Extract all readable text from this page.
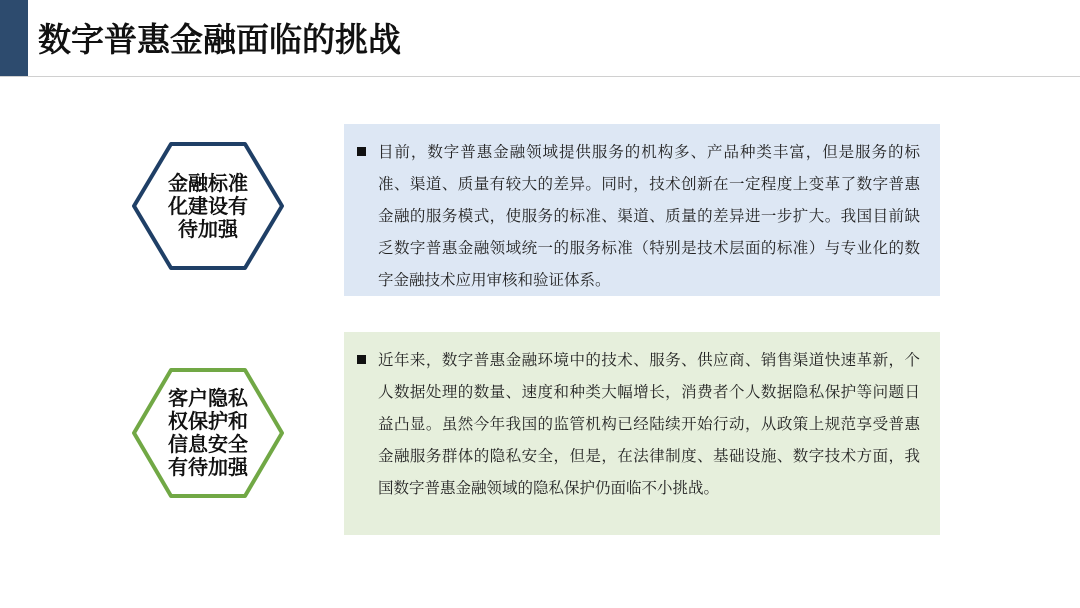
数字普惠金融面临的挑战
金融标准化建设有待加强
目前，数字普惠金融领域提供服务的机构多、产品种类丰富，但是服务的标准、渠道、质量有较大的差异。同时，技术创新在一定程度上变革了数字普惠金融的服务模式，使服务的标准、渠道、质量的差异进一步扩大。我国目前缺乏数字普惠金融领域统一的服务标准（特别是技术层面的标准）与专业化的数字金融技术应用审核和验证体系。
客户隐私权保护和信息安全有待加强
近年来，数字普惠金融环境中的技术、服务、供应商、销售渠道快速革新，个人数据处理的数量、速度和种类大幅增长，消费者个人数据隐私保护等问题日益凸显。虽然今年我国的监管机构已经陆续开始行动，从政策上规范享受普惠金融服务群体的隐私安全，但是，在法律制度、基础设施、数字技术方面，我国数字普惠金融领域的隐私保护仍面临不小挑战。
